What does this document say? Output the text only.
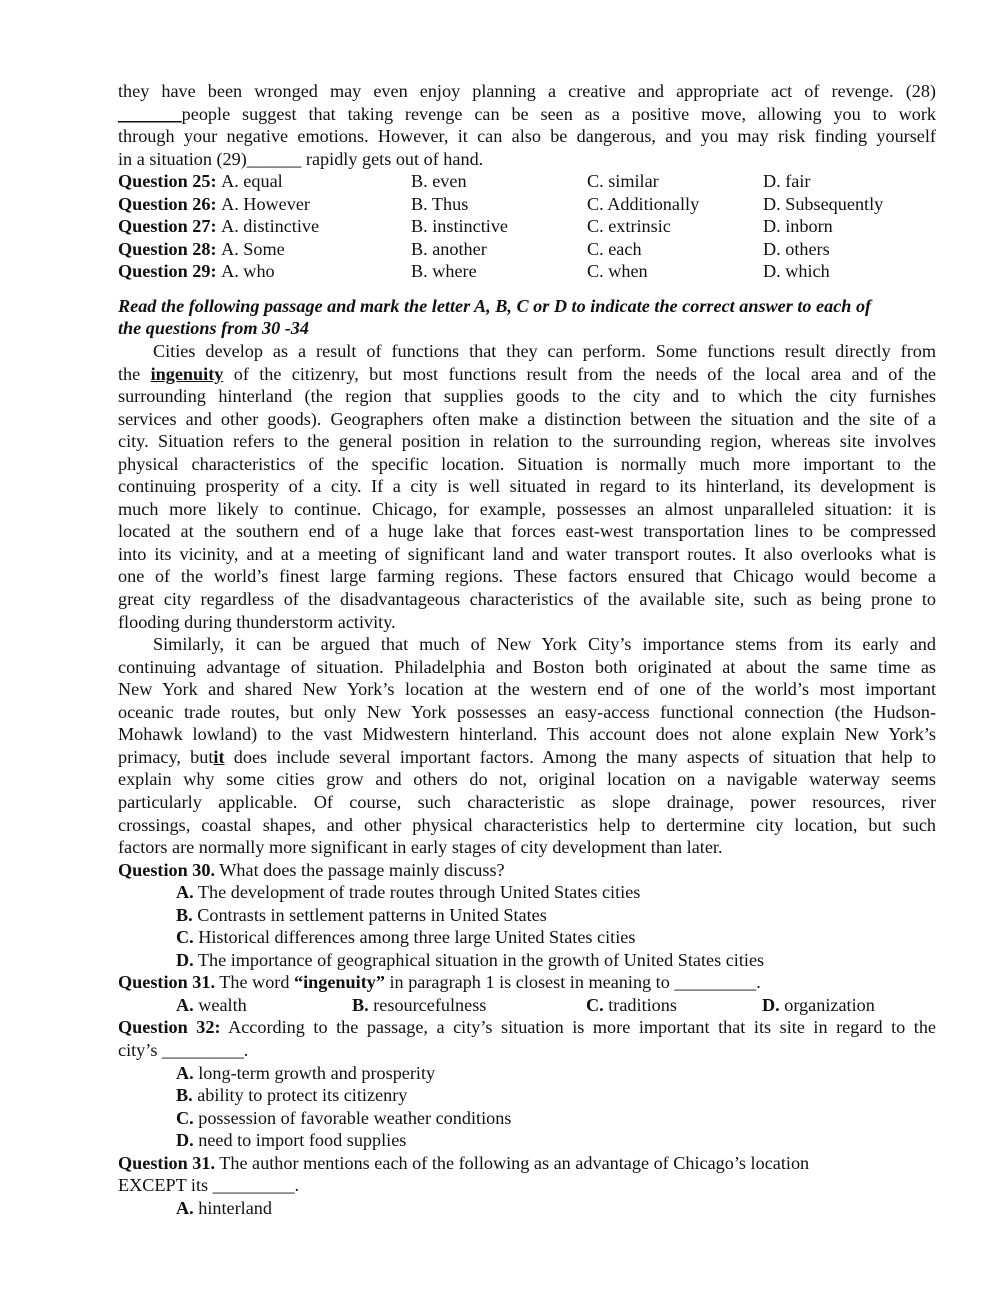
they have been wronged may even enjoy planning a creative and appropriate act of revenge. (28)

_______people suggest that taking revenge can be seen as a positive move, allowing you to work

through your negative emotions. However, it can also be dangerous, and you may risk finding yourself

in a situation (29)______ rapidly gets out of hand.

Question 25: A. equal	B. even	C. similar	D. fair
Question 26: A. However	B. Thus	C. Additionally	D. Subsequently
Question 27: A. distinctive	B. instinctive	C. extrinsic	D. inborn
Question 28: A. Some	B. another	C. each	D. others
Question 29: A. who	B. where	C. when	D. which

Read the following passage and mark the letter A, B, C or D to indicate the correct answer to each of

the questions from 30 -34

Cities develop as a result of functions that they can perform. Some functions result directly from

the ingenuity of the citizenry, but most functions result from the needs of the local area and of the

surrounding hinterland (the region that supplies goods to the city and to which the city furnishes

services and other goods). Geographers often make a distinction between the situation and the site of a

city. Situation refers to the general position in relation to the surrounding region, whereas site involves

physical characteristics of the specific location. Situation is normally much more important to the

continuing prosperity of a city. If a city is well situated in regard to its hinterland, its development is

much more likely to continue. Chicago, for example, possesses an almost unparalleled situation: it is

located at the southern end of a huge lake that forces east-west transportation lines to be compressed

into its vicinity, and at a meeting of significant land and water transport routes. It also overlooks what is

one of the world’s finest large farming regions. These factors ensured that Chicago would become a

great city regardless of the disadvantageous characteristics of the available site, such as being prone to

flooding during thunderstorm activity.

Similarly, it can be argued that much of New York City’s importance stems from its early and

continuing advantage of situation. Philadelphia and Boston both originated at about the same time as

New York and shared New York’s location at the western end of one of the world’s most important

oceanic trade routes, but only New York possesses an easy-access functional connection (the Hudson-

Mohawk lowland) to the vast Midwestern hinterland. This account does not alone explain New York’s

primacy, butit does include several important factors. Among the many aspects of situation that help to

explain why some cities grow and others do not, original location on a navigable waterway seems

particularly applicable. Of course, such characteristic as slope drainage, power resources, river

crossings, coastal shapes, and other physical characteristics help to dertermine city location, but such

factors are normally more significant in early stages of city development than later.

Question 30. What does the passage mainly discuss?

A. The development of trade routes through United States cities

B. Contrasts in settlement patterns in United States

C. Historical differences among three large United States cities

D. The importance of geographical situation in the growth of United States cities

Question 31. The word “ingenuity” in paragraph 1 is closest in meaning to _________.

A. wealth	B. resourcefulness	C. traditions	D. organization

Question 32: According to the passage, a city’s situation is more important that its site in regard to the

city’s _________.

A. long-term growth and prosperity

B. ability to protect its citizenry

C. possession of favorable weather conditions

D. need to import food supplies

Question 31. The author mentions each of the following as an advantage of Chicago’s location

EXCEPT its _________.

A. hinterland
